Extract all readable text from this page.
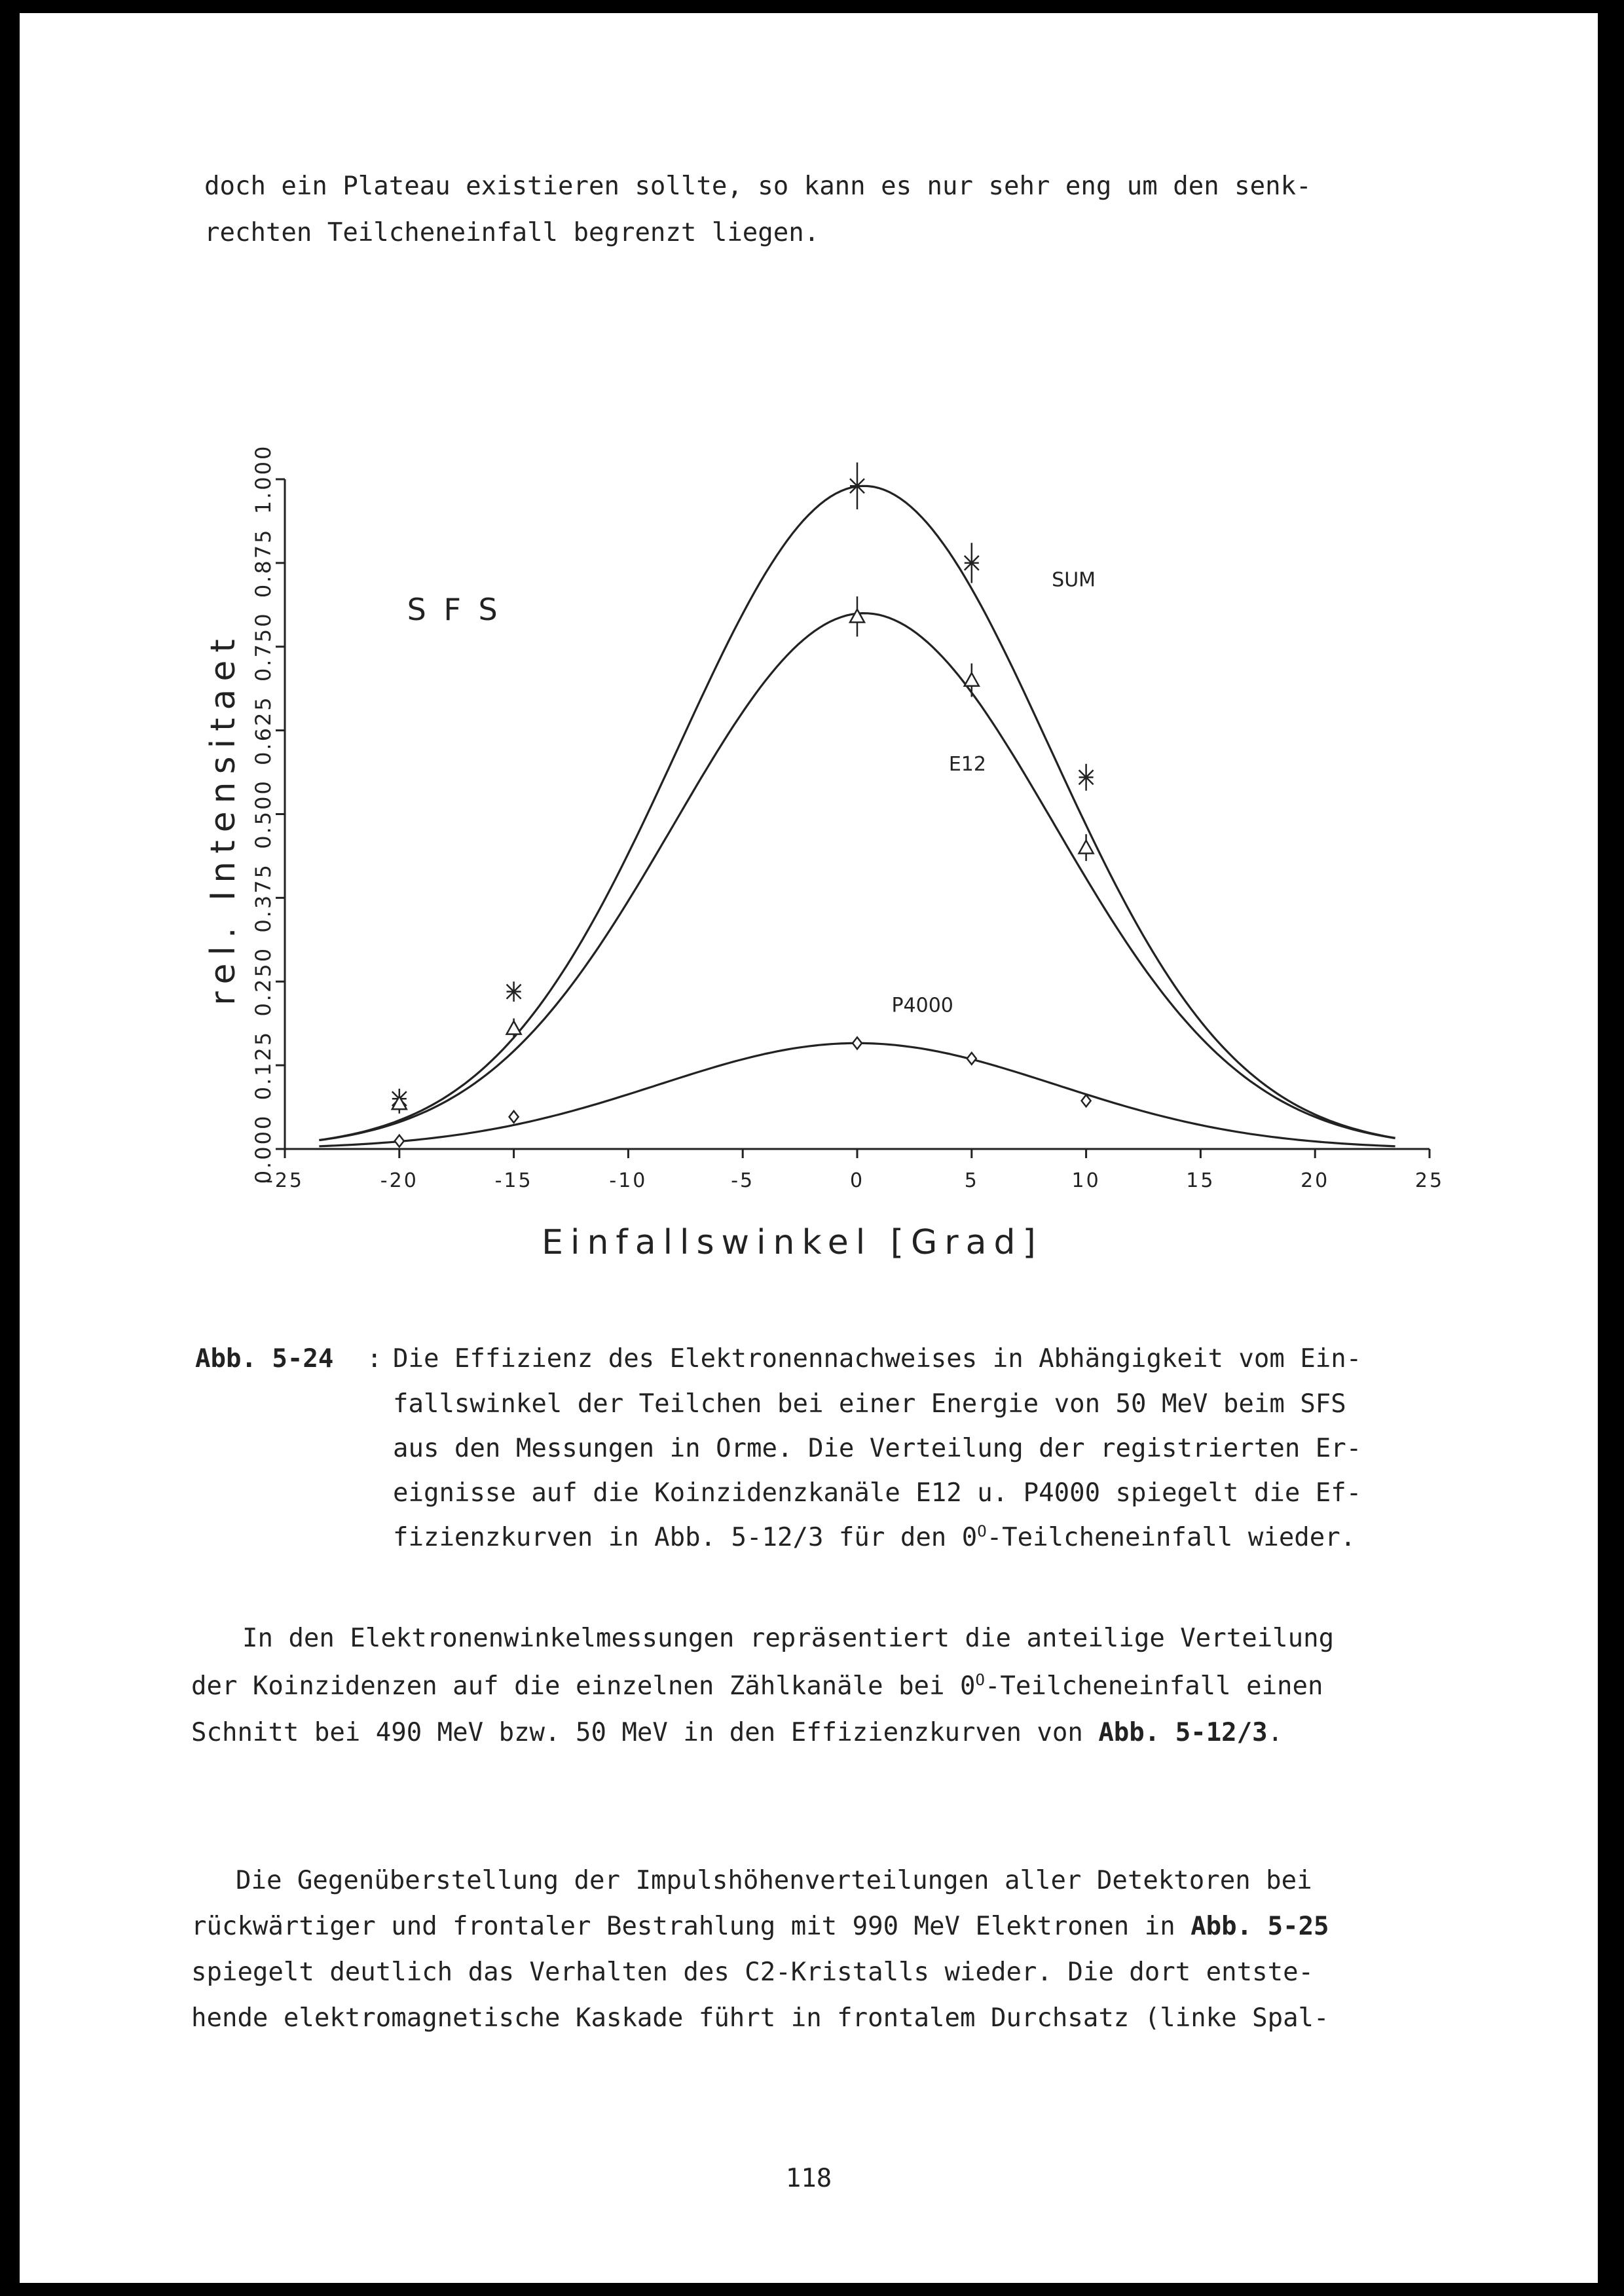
doch ein Plateau existieren sollte, so kann es nur sehr eng um den senk-
rechten Teilcheneinfall begrenzt liegen.
-25	-20	-15	-10	-5	0	5	10	15	20	25
0.000
0.125
0.250
0.375
0.500
0.625
0.750
0.875
1.000
Einfallswinkel [Grad]
rel. Intensitaet
S F S
SUM
E12
P4000
Abb. 5-24 : Die Effizienz des Elektronennachweises in Abhängigkeit vom Ein-
fallswinkel der Teilchen bei einer Energie von 50 MeV beim SFS
aus den Messungen in Orme. Die Verteilung der registrierten Er-
eignisse auf die Koinzidenzkanäle E12 u. P4000 spiegelt die Ef-
fizienzkurven in Abb. 5-12/3 für den $0^O$-Teilcheneinfall wieder.
In den Elektronenwinkelmessungen repräsentiert die anteilige Verteilung
der Koinzidenzen auf die einzelnen Zählkanäle bei $0^O$-Teilcheneinfall einen
Schnitt bei 490 MeV bzw. 50 MeV in den Effizienzkurven von Abb. 5-12/3.
Die Gegenüberstellung der Impulshöhenverteilungen aller Detektoren bei
rückwärtiger und frontaler Bestrahlung mit 990 MeV Elektronen in Abb. 5-25
spiegelt deutlich das Verhalten des C2-Kristalls wieder. Die dort entste-
hende elektromagnetische Kaskade führt in frontalem Durchsatz (linke Spal-
118
